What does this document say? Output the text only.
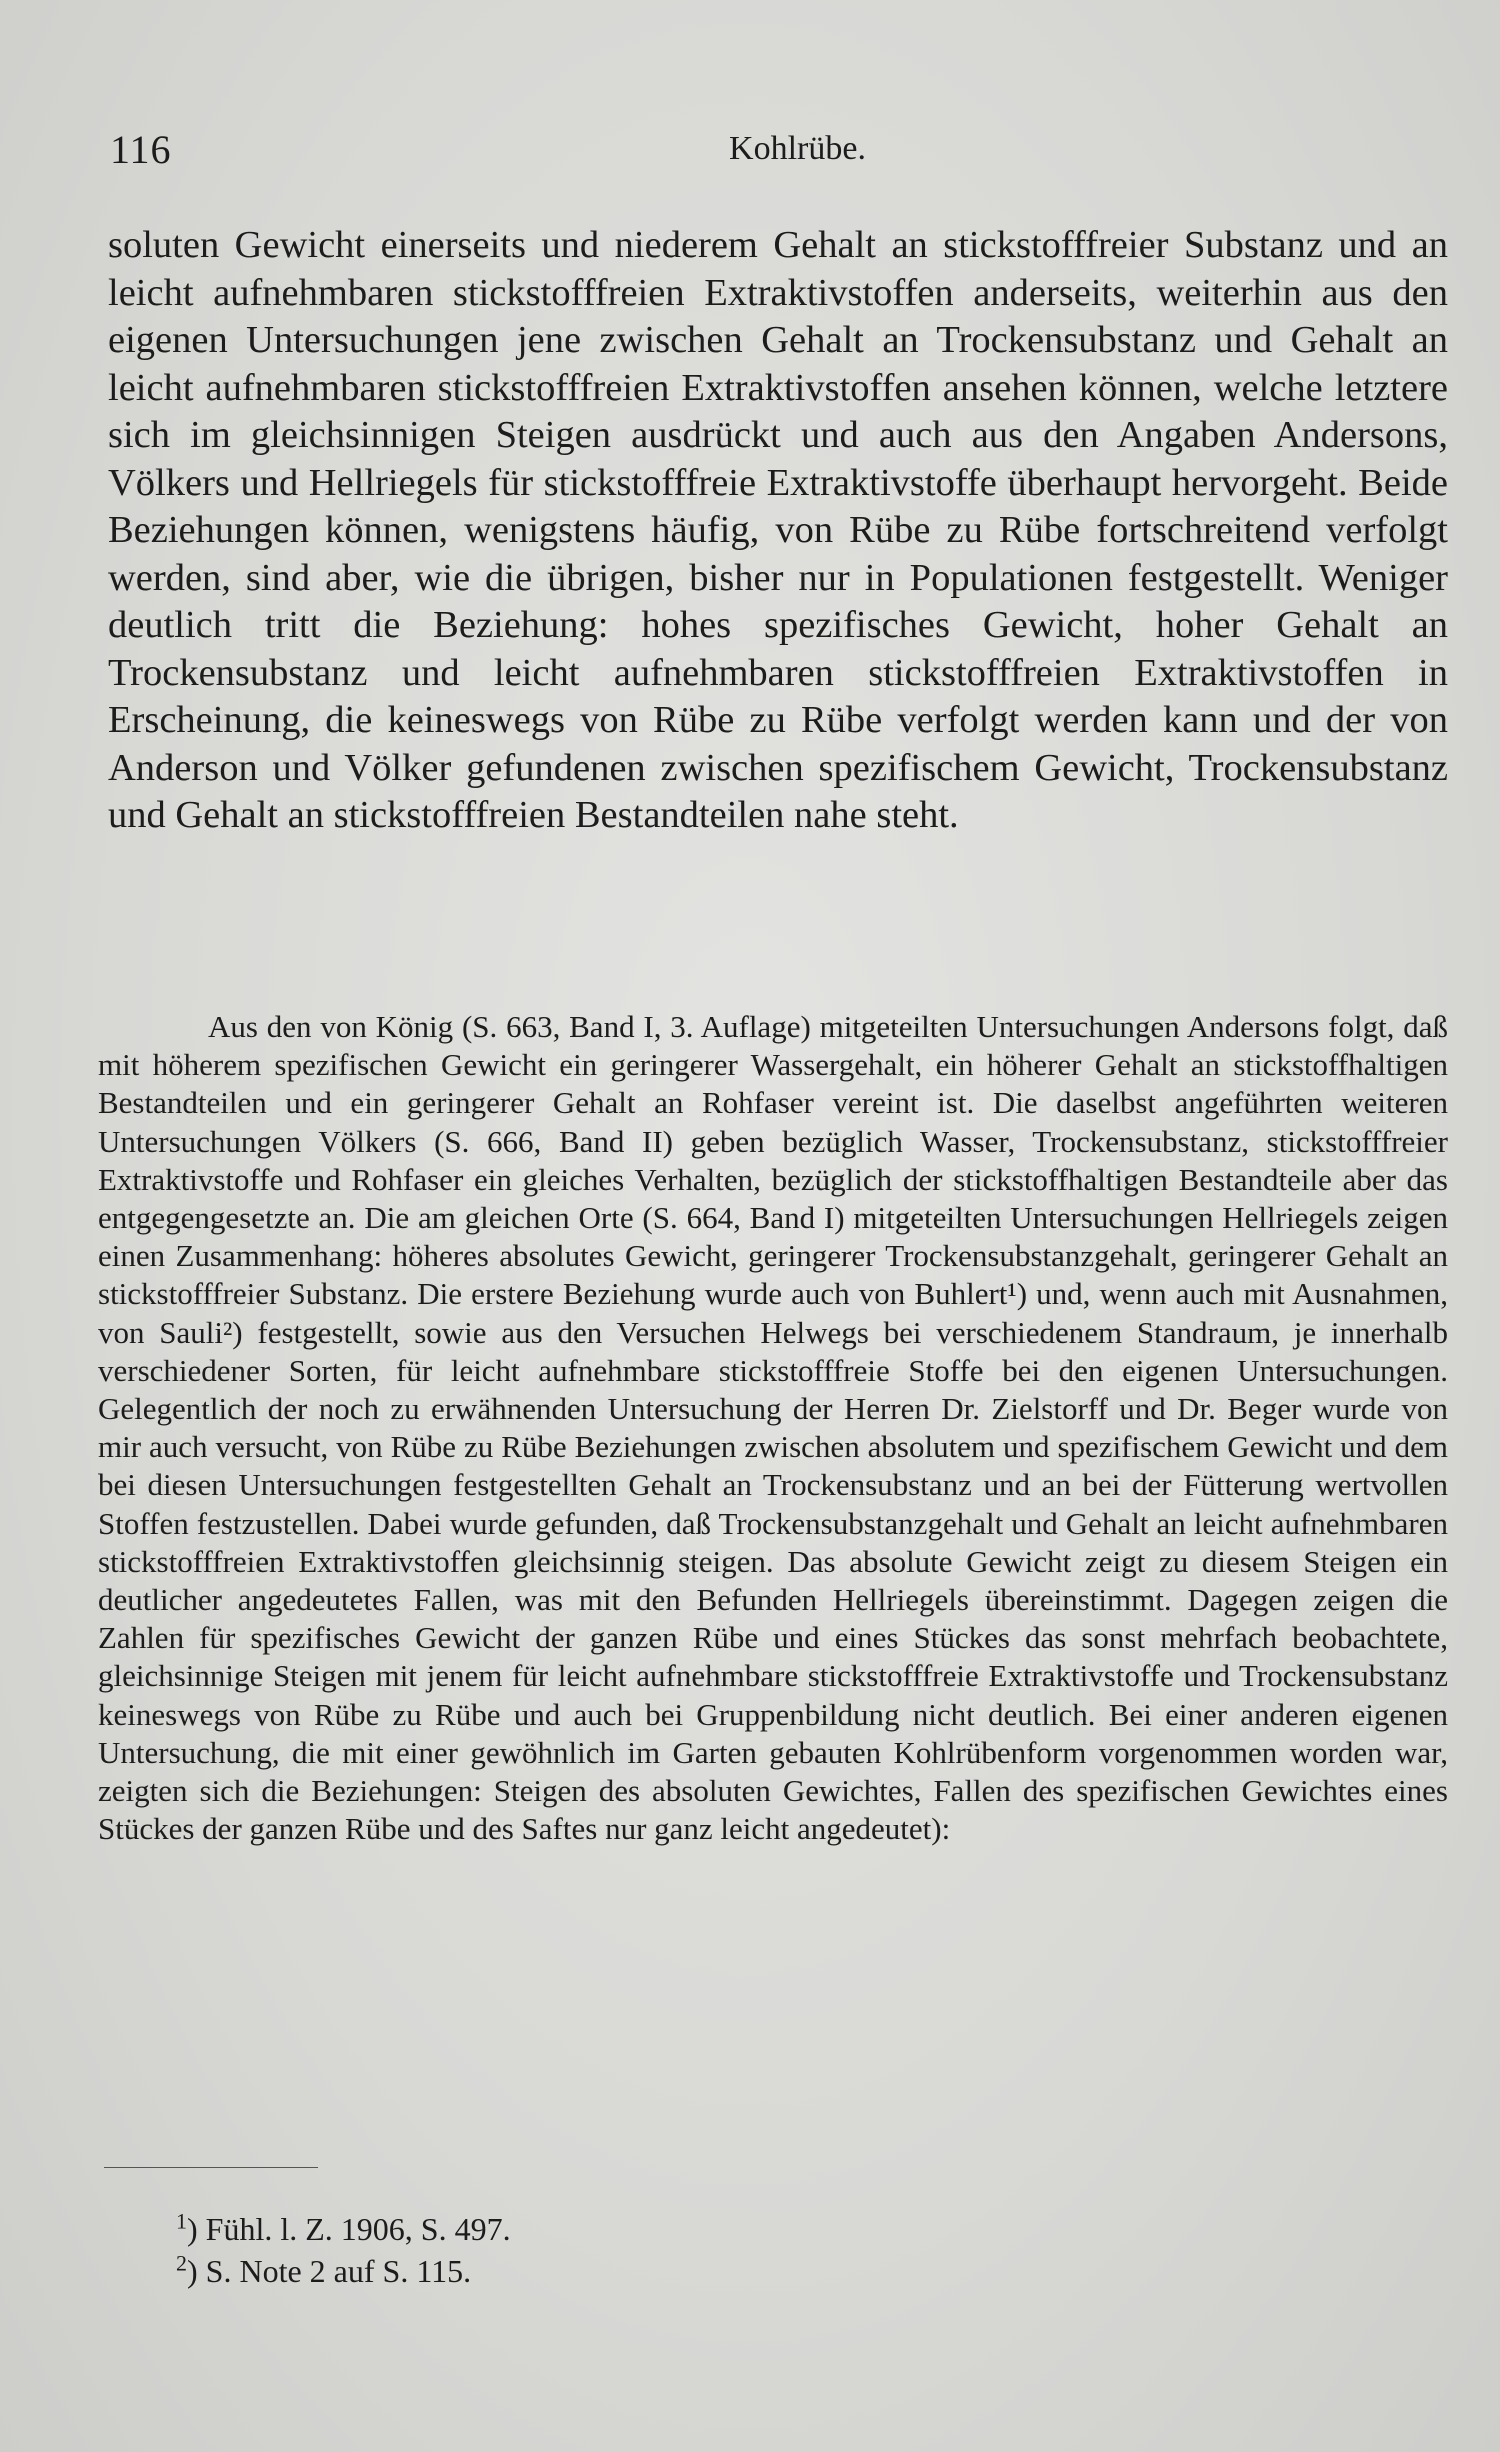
116	Kohlrübe.

soluten Gewicht einerseits und niederem Gehalt an stickstofffreier Substanz und an leicht aufnehmbaren stickstofffreien Extraktivstoffen anderseits, weiterhin aus den eigenen Untersuchungen jene zwischen Gehalt an Trockensubstanz und Gehalt an leicht aufnehmbaren stickstofffreien Extraktivstoffen ansehen können, welche letztere sich im gleichsinnigen Steigen ausdrückt und auch aus den Angaben Andersons, Völkers und Hellriegels für stickstofffreie Extraktivstoffe überhaupt hervorgeht. Beide Beziehungen können, wenigstens häufig, von Rübe zu Rübe fortschreitend verfolgt werden, sind aber, wie die übrigen, bisher nur in Populationen festgestellt. Weniger deutlich tritt die Beziehung: hohes spezifisches Gewicht, hoher Gehalt an Trockensubstanz und leicht aufnehmbaren stickstofffreien Extraktivstoffen in Erscheinung, die keineswegs von Rübe zu Rübe verfolgt werden kann und der von Anderson und Völker gefundenen zwischen spezifischem Gewicht, Trockensubstanz und Gehalt an stickstofffreien Bestandteilen nahe steht.

Aus den von König (S. 663, Band I, 3. Auflage) mitgeteilten Untersuchungen Andersons folgt, daß mit höherem spezifischen Gewicht ein geringerer Wassergehalt, ein höherer Gehalt an stickstoffhaltigen Bestandteilen und ein geringerer Gehalt an Rohfaser vereint ist. Die daselbst angeführten weiteren Untersuchungen Völkers (S. 666, Band II) geben bezüglich Wasser, Trockensubstanz, stickstofffreier Extraktivstoffe und Rohfaser ein gleiches Verhalten, bezüglich der stickstoffhaltigen Bestandteile aber das entgegengesetzte an. Die am gleichen Orte (S. 664, Band I) mitgeteilten Untersuchungen Hellriegels zeigen einen Zusammenhang: höheres absolutes Gewicht, geringerer Trockensubstanzgehalt, geringerer Gehalt an stickstofffreier Substanz. Die erstere Beziehung wurde auch von Buhlert¹) und, wenn auch mit Ausnahmen, von Sauli²) festgestellt, sowie aus den Versuchen Helwegs bei verschiedenem Standraum, je innerhalb verschiedener Sorten, für leicht aufnehmbare stickstofffreie Stoffe bei den eigenen Untersuchungen. Gelegentlich der noch zu erwähnenden Untersuchung der Herren Dr. Zielstorff und Dr. Beger wurde von mir auch versucht, von Rübe zu Rübe Beziehungen zwischen absolutem und spezifischem Gewicht und dem bei diesen Untersuchungen festgestellten Gehalt an Trockensubstanz und an bei der Fütterung wertvollen Stoffen festzustellen. Dabei wurde gefunden, daß Trockensubstanzgehalt und Gehalt an leicht aufnehmbaren stickstofffreien Extraktivstoffen gleichsinnig steigen. Das absolute Gewicht zeigt zu diesem Steigen ein deutlicher angedeutetes Fallen, was mit den Befunden Hellriegels übereinstimmt. Dagegen zeigen die Zahlen für spezifisches Gewicht der ganzen Rübe und eines Stückes das sonst mehrfach beobachtete, gleichsinnige Steigen mit jenem für leicht aufnehmbare stickstofffreie Extraktivstoffe und Trockensubstanz keineswegs von Rübe zu Rübe und auch bei Gruppenbildung nicht deutlich. Bei einer anderen eigenen Untersuchung, die mit einer gewöhnlich im Garten gebauten Kohlrübenform vorgenommen worden war, zeigten sich die Beziehungen: Steigen des absoluten Gewichtes, Fallen des spezifischen Gewichtes eines Stückes der ganzen Rübe und des Saftes nur ganz leicht angedeutet):

$^1$) Fühl. l. Z. 1906, S. 497.
$^2$) S. Note 2 auf S. 115.
